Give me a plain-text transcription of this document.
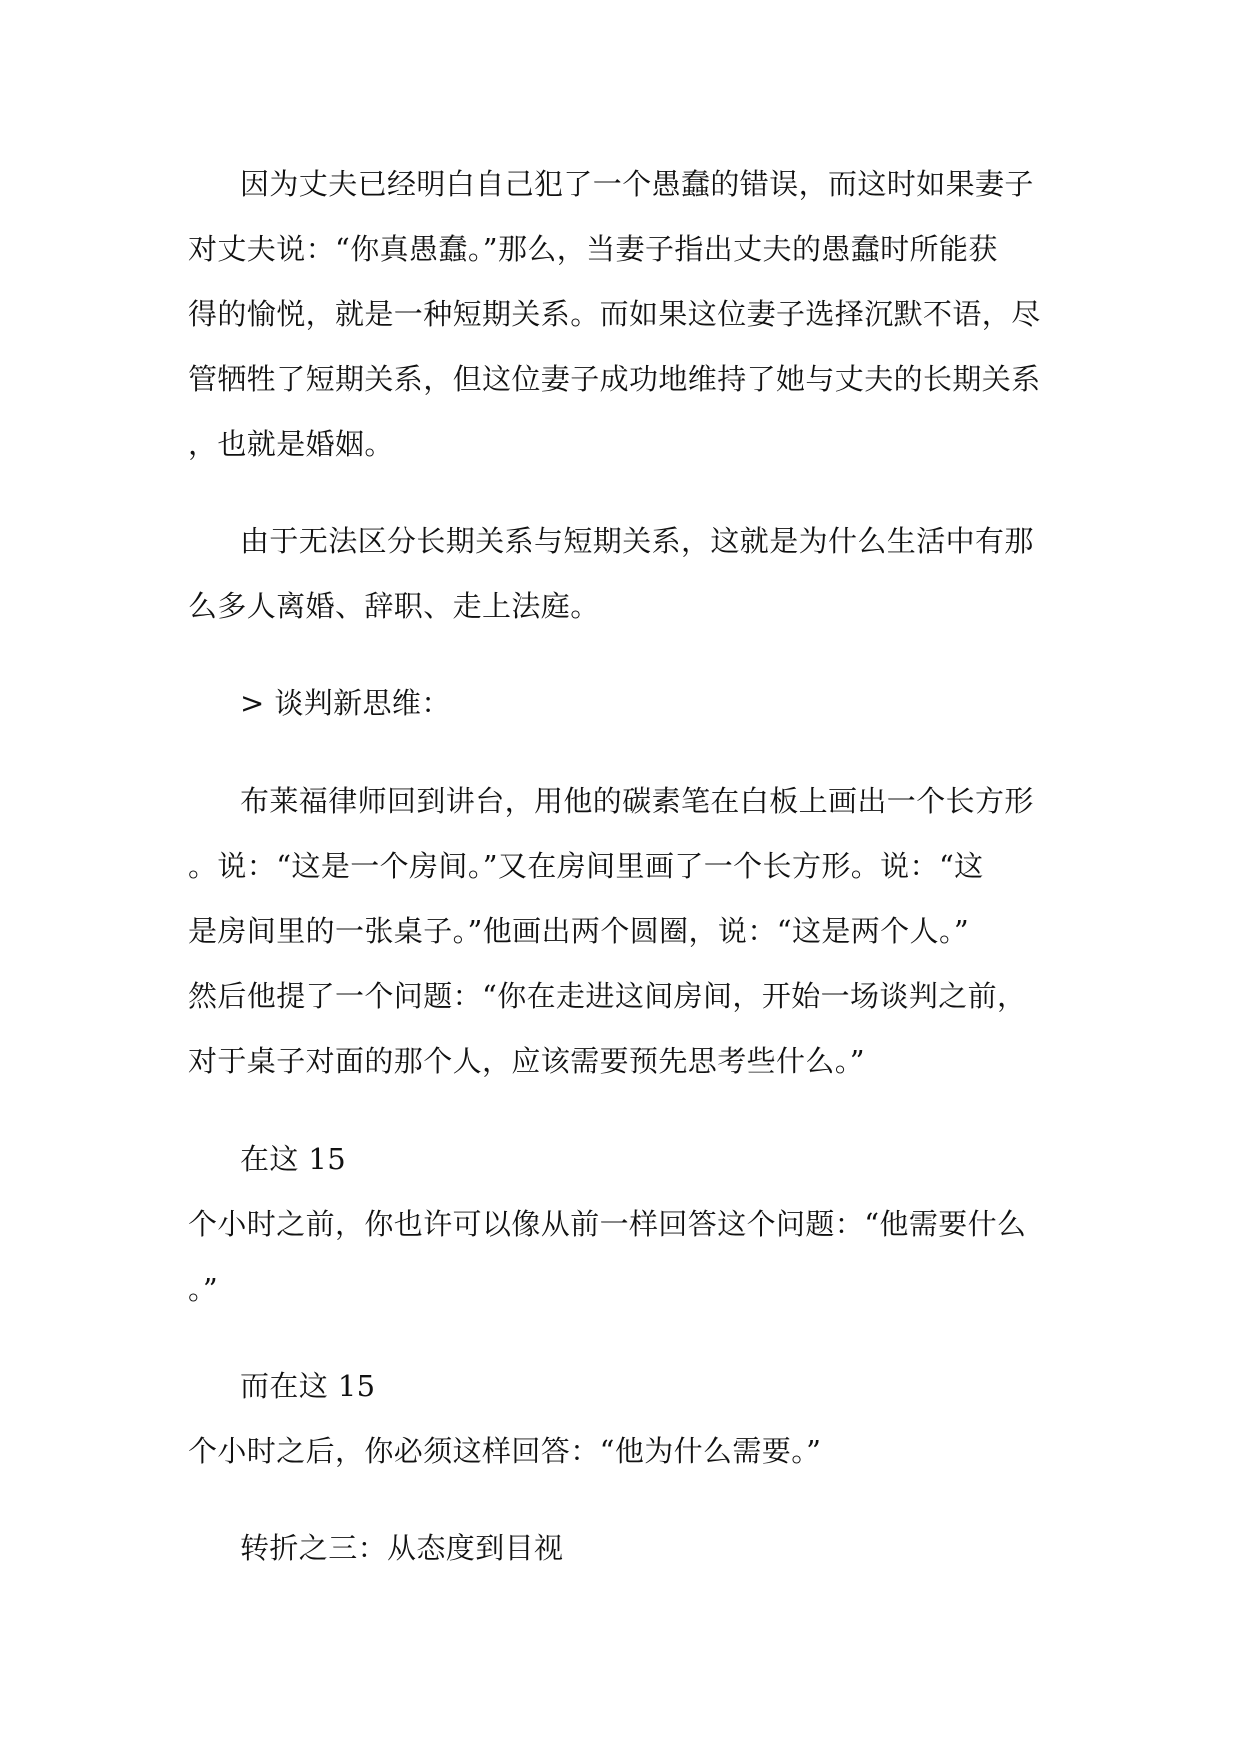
因为丈夫已经明白自己犯了一个愚蠢的错误，而这时如果妻子
对丈夫说：“你真愚蠢。”那么，当妻子指出丈夫的愚蠢时所能获
得的愉悦，就是一种短期关系。而如果这位妻子选择沉默不语，尽
管牺牲了短期关系，但这位妻子成功地维持了她与丈夫的长期关系
，也就是婚姻。
由于无法区分长期关系与短期关系，这就是为什么生活中有那
么多人离婚、辞职、走上法庭。
> 谈判新思维：
布莱福律师回到讲台，用他的碳素笔在白板上画出一个长方形
。说：“这是一个房间。”又在房间里画了一个长方形。说：“这
是房间里的一张桌子。”他画出两个圆圈，说：“这是两个人。”
然后他提了一个问题：“你在走进这间房间，开始一场谈判之前，
对于桌子对面的那个人，应该需要预先思考些什么。”
在这 15
个小时之前，你也许可以像从前一样回答这个问题：“他需要什么
。”
而在这 15
个小时之后，你必须这样回答：“他为什么需要。”
转折之三：从态度到目视
